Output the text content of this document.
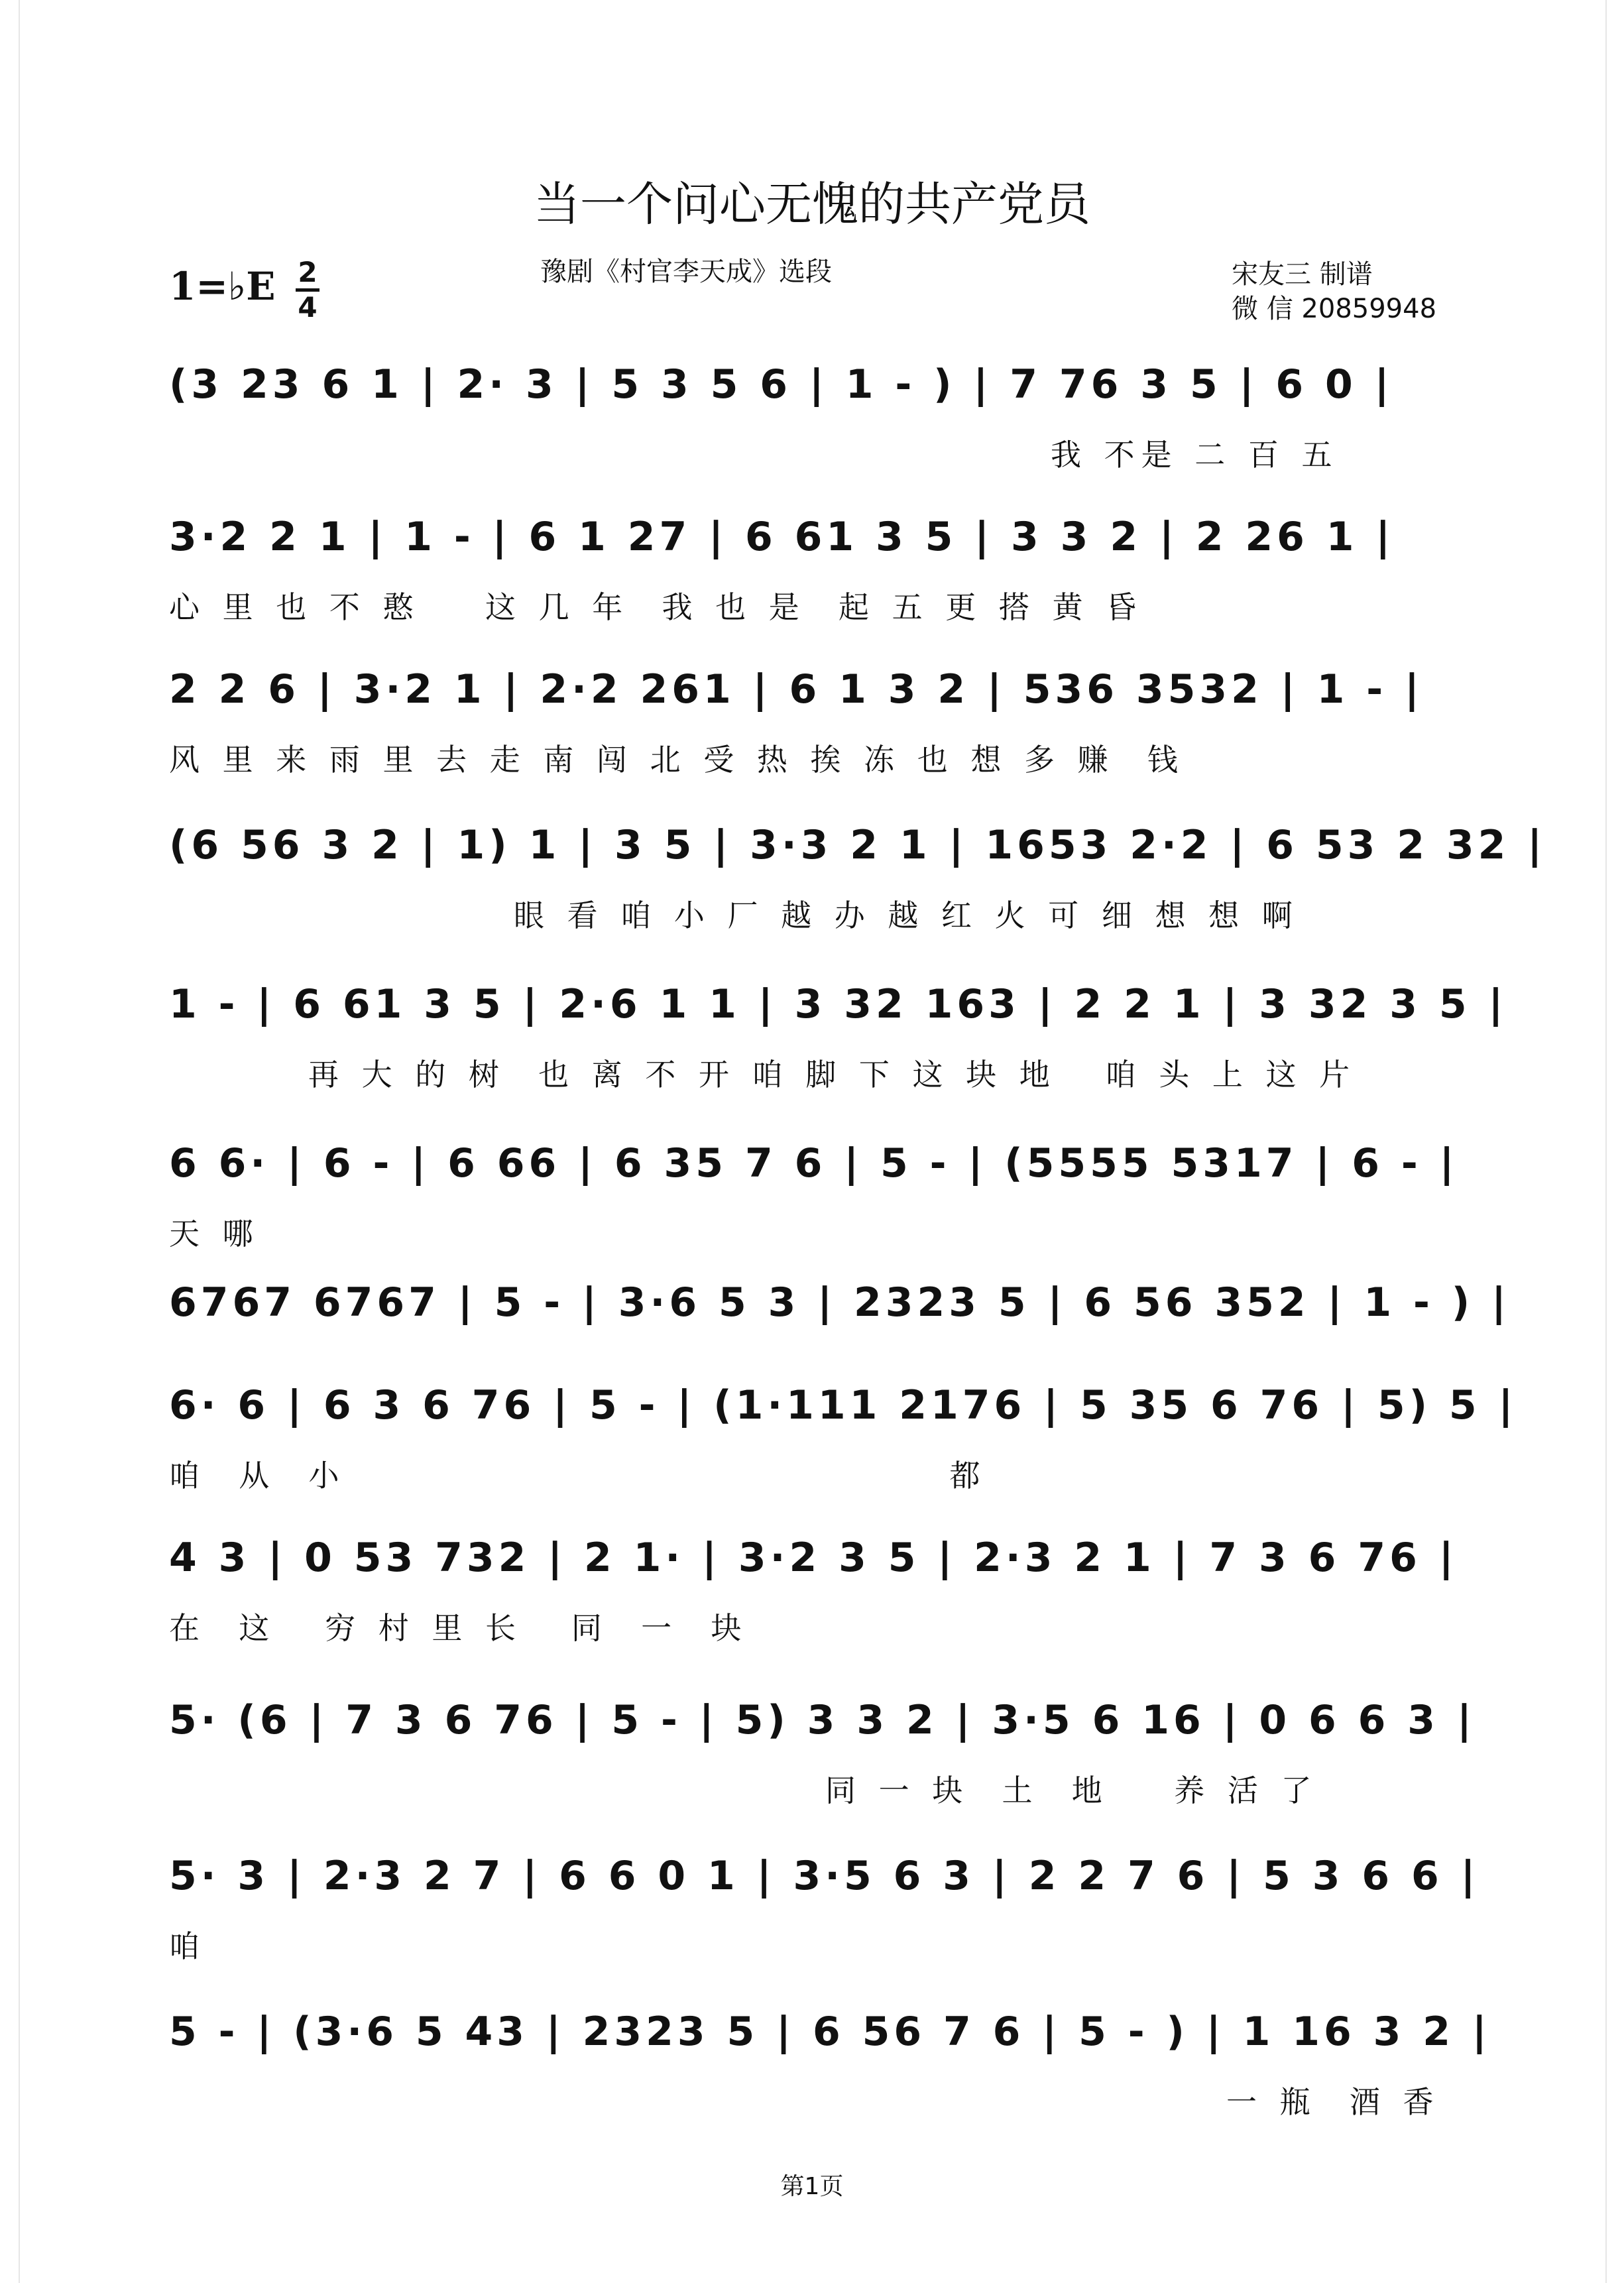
当一个问心无愧的共产党员
豫剧《村官李天成》选段
1=♭E 2
4
宋友三 制谱
微 信 20859948
(3 23 6 1 | 2· 3 | 5 3 5 6 | 1 - ) | 7 76 3 5 | 6 0 |
我 不是 二 百 五
3·2 2 1 | 1 - | 6 1 27 | 6 61 3 5 | 3 3 2 | 2 26 1 |
心 里 也 不 憨    这 几 年  我 也 是  起 五 更 搭 黄 昏
2 2 6 | 3·2 1 | 2·2 261 | 6 1 3 2 | 536 3532 | 1 - |
风 里 来 雨 里 去 走 南 闯 北 受 热 挨 冻 也 想 多 赚  钱
(6 56 3 2 | 1) 1 | 3 5 | 3·3 2 1 | 1653 2·2 | 6 53 2 32 |
眼 看 咱 小 厂 越 办 越 红 火 可 细 想 想 啊
1 - | 6 61 3 5 | 2·6 1 1 | 3 32 163 | 2 2 1 | 3 32 3 5 |
再 大 的 树  也 离 不 开 咱 脚 下 这 块 地   咱 头 上 这 片
6 6· | 6 - | 6 66 | 6 35 7 6 | 5 - | (5555 5317 | 6 - |
天 哪
6767 6767 | 5 - | 3·6 5 3 | 2323 5 | 6 56 352 | 1 - ) |
6· 6 | 6 3 6 76 | 5 - | (1·111 2176 | 5 35 6 76 | 5) 5 |
咱  从  小                                     都
4 3 | 0 53 732 | 2 1· | 3·2 3 5 | 2·3 2 1 | 7 3 6 76 |
在  这   穷 村 里 长   同  一  块
5· (6 | 7 3 6 76 | 5 - | 5) 3 3 2 | 3·5 6 16 | 0 6 6 3 |
同 一 块  土  地    养 活 了
5· 3 | 2·3 2 7 | 6 6 0 1 | 3·5 6 3 | 2 2 7 6 | 5 3 6 6 |
咱
5 - | (3·6 5 43 | 2323 5 | 6 56 7 6 | 5 - ) | 1 16 3 2 |
一 瓶  酒 香
第1页
